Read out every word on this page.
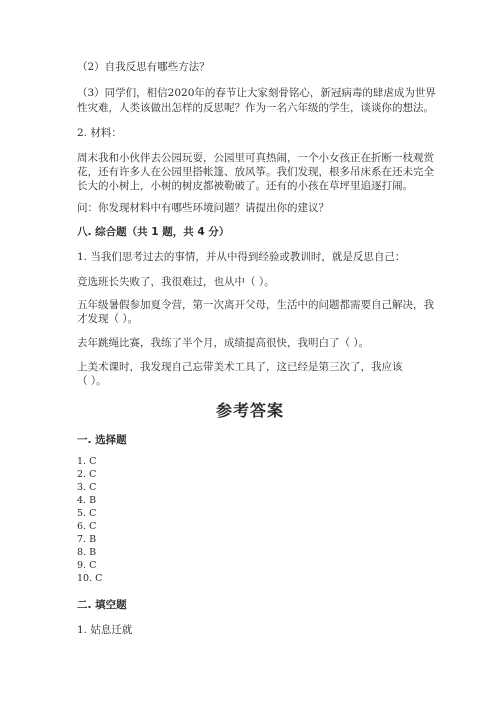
（2）自我反思有哪些方法？
（3）同学们，相信2020年的春节让大家刻骨铭心，新冠病毒的肆虐成为世界
性灾难，人类该做出怎样的反思呢？作为一名六年级的学生，谈谈你的想法。
2. 材料：
周末我和小伙伴去公园玩耍，公园里可真热闹，一个小女孩正在折断一枝观赏
花，还有许多人在公园里搭帐篷、放风筝。我们发现，根多吊床系在还未完全
长大的小树上，小树的树皮都被勒破了。还有的小孩在草坪里追逐打闹。
问：你发现材料中有哪些环境问题？请提出你的建议？
八. 综合题（共 1 题，共 4 分）
1. 当我们思考过去的事情，并从中得到经验或教训时，就是反思自己：
竞选班长失败了，我很难过，也从中（ ）。
五年级暑假参加夏令营，第一次离开父母，生活中的问题都需要自己解决，我
才发现（ ）。
去年跳绳比赛，我练了半个月，成绩提高很快，我明白了（ ）。
上美术课时，我发现自己忘带美术工具了，这已经是第三次了，我应该
（ ）。
参考答案
一. 选择题
1. C
2. C
3. C
4. B
5. C
6. C
7. B
8. B
9. C
10. C
二. 填空题
1. 姑息迁就
